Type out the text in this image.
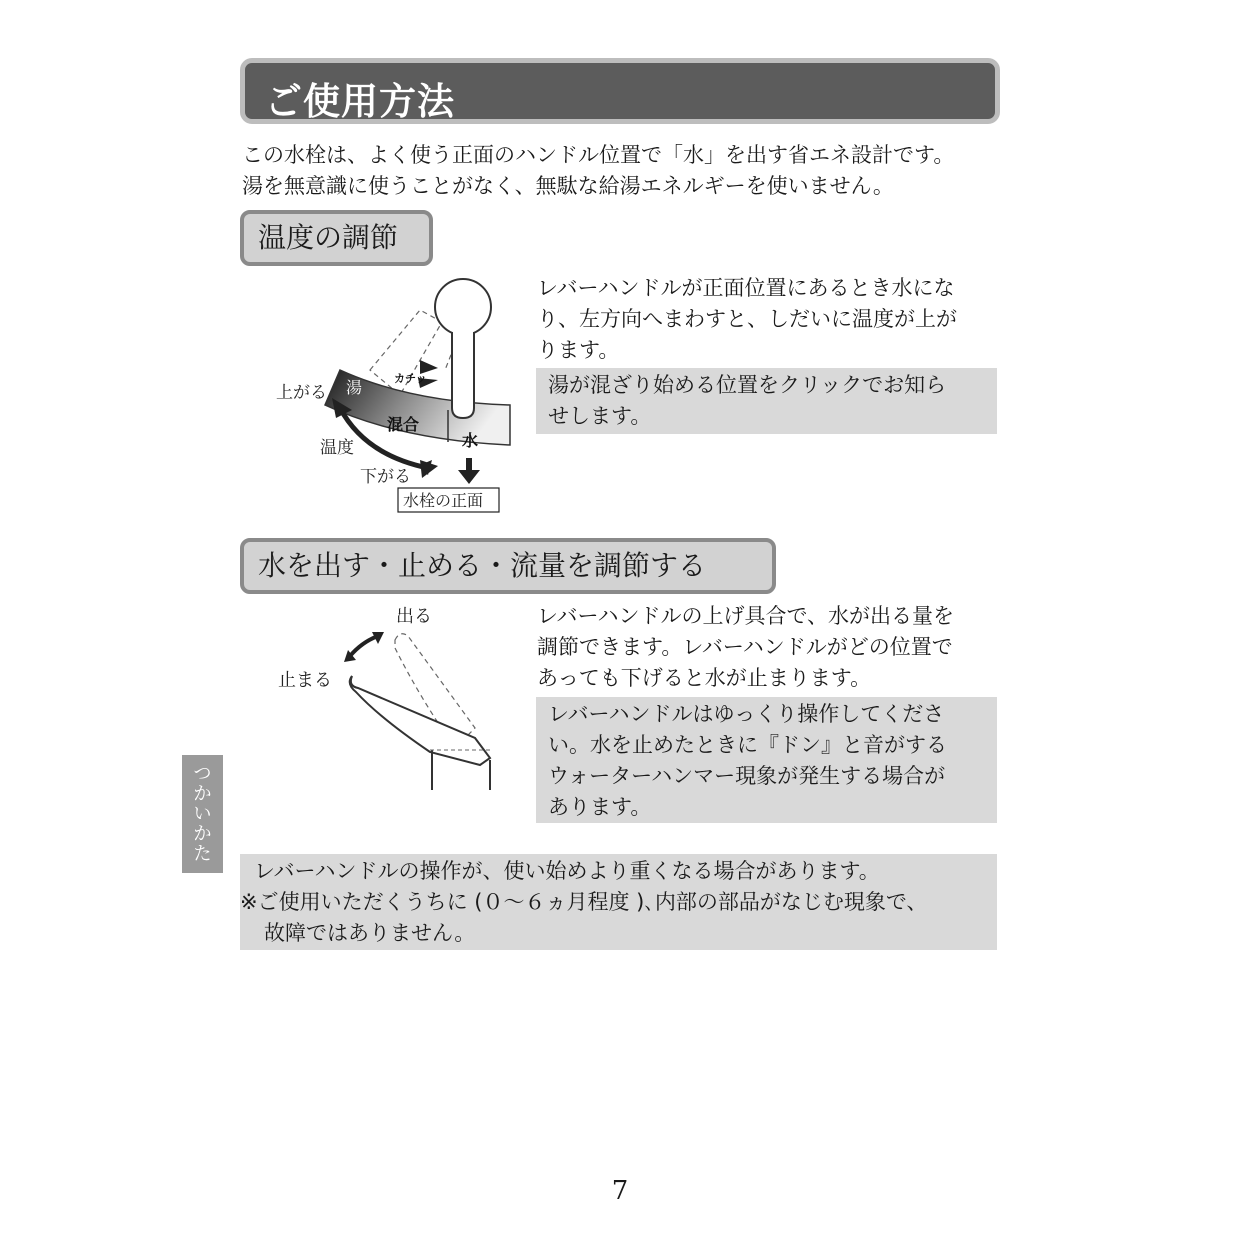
ご使用方法
この水栓は、よく使う正面のハンドル位置で「水」を出す省エネ設計です。
湯を無意識に使うことがなく、無駄な給湯エネルギーを使いません。
温度の調節
湯
混合
水
カチッ
上がる
温度
下がる
水栓の正面
レバーハンドルが正面位置にあるとき水にな
り、左方向へまわすと、しだいに温度が上が
ります。
湯が混ざり始める位置をクリックでお知ら
せします。
水を出す・止める・流量を調節する
出る
止まる
レバーハンドルの上げ具合で、水が出る量を
調節できます。レバーハンドルがどの位置で
あっても下げると水が止まります。
レバーハンドルはゆっくり操作してくださ
い。水を止めたときに『ドン』と音がする
ウォーターハンマー現象が発生する場合が
あります。
レバーハンドルの操作が、使い始めより重くなる場合があります。
※ご使用いただくうちに (０～６ヵ月程度 )､内部の部品がなじむ現象で、
故障ではありません。
つかいかた
7
